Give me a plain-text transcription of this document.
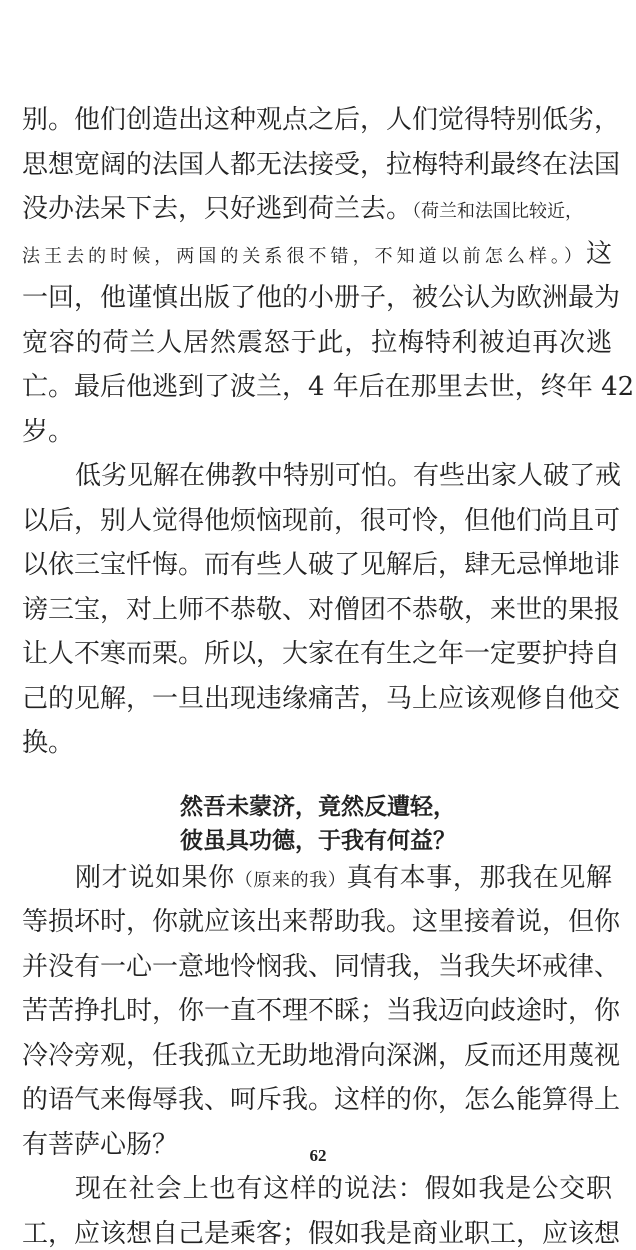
别。他们创造出这种观点之后，人们觉得特别低劣，
思想宽阔的法国人都无法接受，拉梅特利最终在法国
没办法呆下去，只好逃到荷兰去。（荷兰和法国比较近，
法王去的时候，两国的关系很不错，不知道以前怎么样。）这
一回，他谨慎出版了他的小册子，被公认为欧洲最为
宽容的荷兰人居然震怒于此，拉梅特利被迫再次逃
亡。最后他逃到了波兰，4 年后在那里去世，终年 42
岁。
低劣见解在佛教中特别可怕。有些出家人破了戒
以后，别人觉得他烦恼现前，很可怜，但他们尚且可
以依三宝忏悔。而有些人破了见解后，肆无忌惮地诽
谤三宝，对上师不恭敬、对僧团不恭敬，来世的果报
让人不寒而栗。所以，大家在有生之年一定要护持自
己的见解，一旦出现违缘痛苦，马上应该观修自他交
换。
然吾未蒙济，竟然反遭轻，
彼虽具功德，于我有何益？
刚才说如果你（原来的我）真有本事，那我在见解
等损坏时，你就应该出来帮助我。这里接着说，但你
并没有一心一意地怜悯我、同情我，当我失坏戒律、
苦苦挣扎时，你一直不理不睬；当我迈向歧途时，你
冷冷旁观，任我孤立无助地滑向深渊，反而还用蔑视
的语气来侮辱我、呵斥我。这样的你，怎么能算得上
有菩萨心肠？
现在社会上也有这样的说法：假如我是公交职
工，应该想自己是乘客；假如我是商业职工，应该想
62
